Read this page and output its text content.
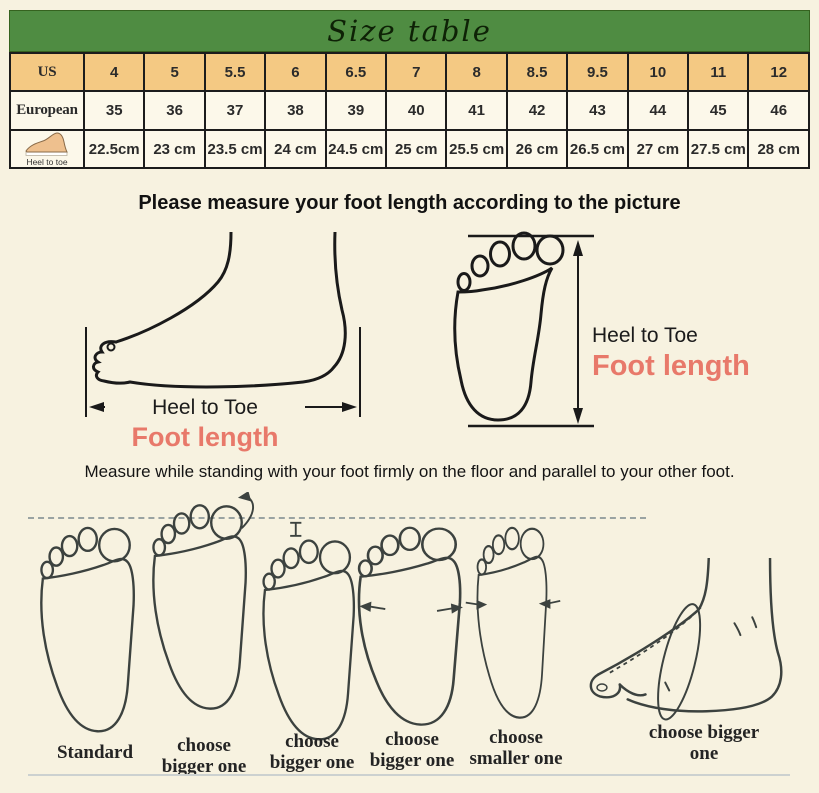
Size table
US	4	5	5.5	6	6.5	7	8	8.5	9.5	10	11	12
European	35	36	37	38	39	40	41	42	43	44	45	46

Heel to toe	22.5cm	23 cm	23.5 cm	24 cm	24.5 cm	25 cm	25.5 cm	26 cm	26.5 cm	27 cm	27.5 cm	28 cm
Please measure your foot length according to the picture
Heel to Toe
Foot length
Heel to Toe
Foot length
Measure while standing with your foot firmly on the floor and parallel to your other foot.
Standard	choose bigger one
choose bigger one
choose bigger one
choose smaller one
choose bigger one
